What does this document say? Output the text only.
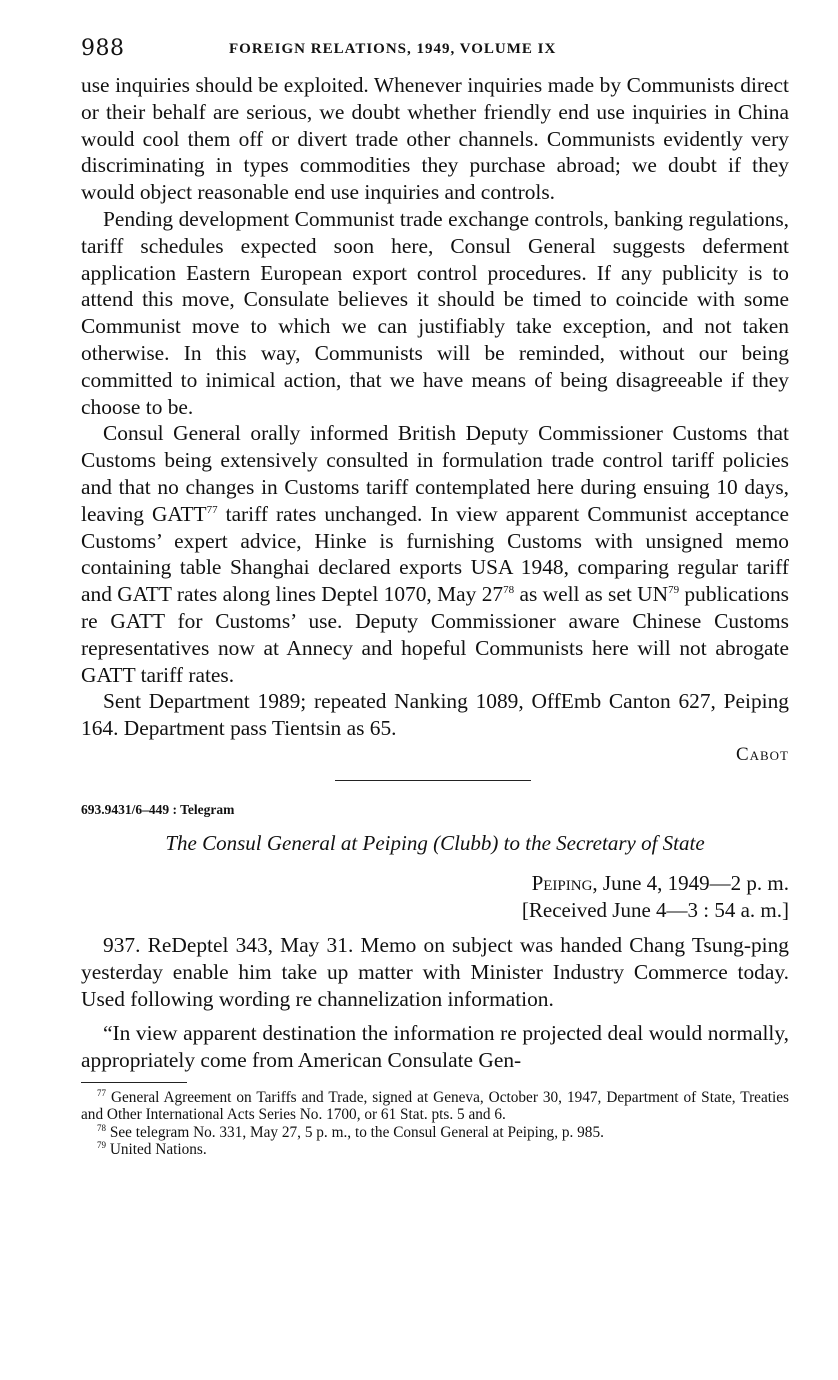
988	FOREIGN RELATIONS, 1949, VOLUME IX

use inquiries should be exploited. Whenever inquiries made by Communists direct or their behalf are serious, we doubt whether friendly end use inquiries in China would cool them off or divert trade other channels. Communists evidently very discriminating in types commodities they purchase abroad; we doubt if they would object reasonable end use inquiries and controls.

Pending development Communist trade exchange controls, banking regulations, tariff schedules expected soon here, Consul General suggests deferment application Eastern European export control procedures. If any publicity is to attend this move, Consulate believes it should be timed to coincide with some Communist move to which we can justifiably take exception, and not taken otherwise. In this way, Communists will be reminded, without our being committed to inimical action, that we have means of being disagreeable if they choose to be.

Consul General orally informed British Deputy Commissioner Customs that Customs being extensively consulted in formulation trade control tariff policies and that no changes in Customs tariff contemplated here during ensuing 10 days, leaving GATT$^{77}$ tariff rates unchanged. In view apparent Communist acceptance Customs’ expert advice, Hinke is furnishing Customs with unsigned memo containing table Shanghai declared exports USA 1948, comparing regular tariff and GATT rates along lines Deptel 1070, May $27^{78}$ as well as set UN$^{79}$ publications re GATT for Customs’ use. Deputy Commissioner aware Chinese Customs representatives now at Annecy and hopeful Communists here will not abrogate GATT tariff rates.

Sent Department 1989; repeated Nanking 1089, OffEmb Canton 627, Peiping 164. Department pass Tientsin as 65.

Cabot
693.9431/6–449 : Telegram
The Consul General at Peiping (Clubb) to the Secretary of State
Peiping, June 4, 1949—2 p. m.
[Received June 4—3 : 54 a. m.]

937. ReDeptel 343, May 31. Memo on subject was handed Chang Tsung-ping yesterday enable him take up matter with Minister Industry Commerce today. Used following wording re channelization information.

“In view apparent destination the information re projected deal would normally, appropriately come from American Consulate Gen-

$^{77}$ General Agreement on Tariffs and Trade, signed at Geneva, October 30, 1947, Department of State, Treaties and Other International Acts Series No. 1700, or 61 Stat. pts. 5 and 6.

$^{78}$ See telegram No. 331, May 27, 5 p. m., to the Consul General at Peiping, p. 985.

$^{79}$ United Nations.
